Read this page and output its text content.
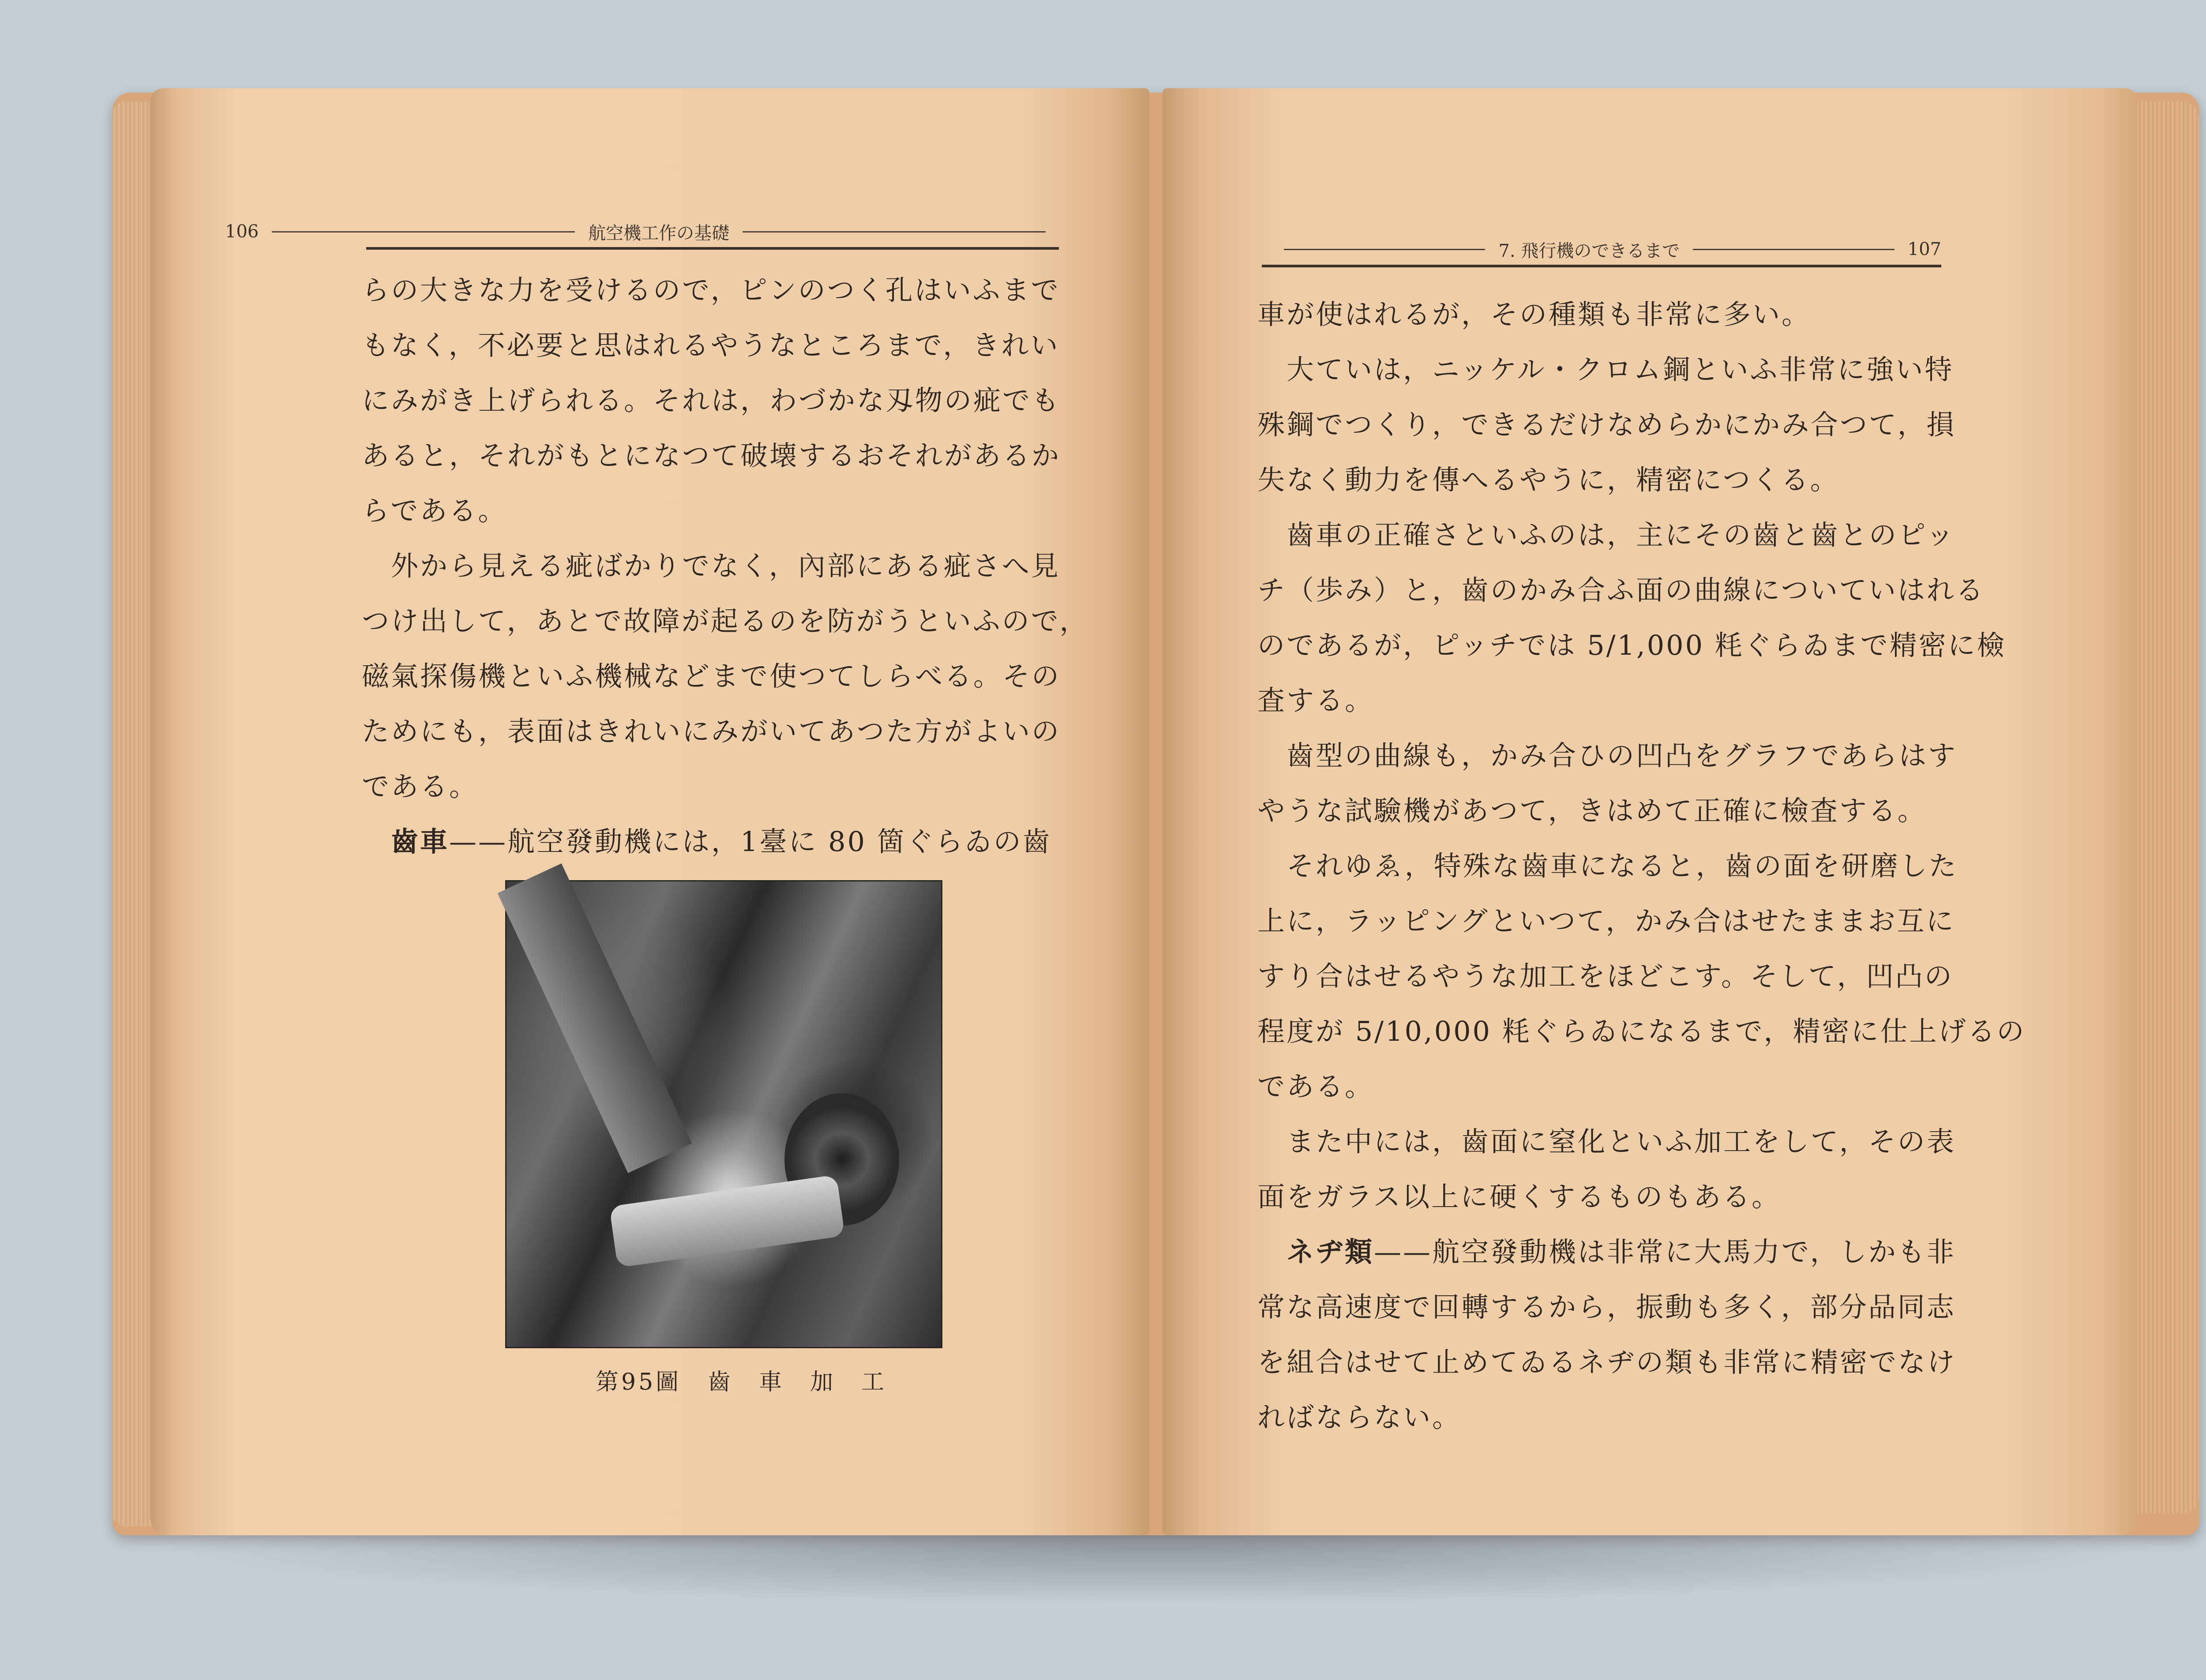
106	航空機工作の基礎
7. 飛行機のできるまで	107

らの大きな力を受けるので，ピンのつく孔はいふまで

もなく，不必要と思はれるやうなところまで，きれい

にみがき上げられる。それは，わづかな刄物の疵でも

あると，それがもとになつて破壊するおそれがあるか

らである。

　外から見える疵ばかりでなく，內部にある疵さへ見

つけ出して，あとで故障が起るのを防がうといふので，

磁氣探傷機といふ機械などまで使つてしらべる。その

ためにも，表面はきれいにみがいてあつた方がよいの

である。

　齒車——航空發動機には，1臺に 80 箇ぐらゐの齒

第95圖 齒　車　加　工

車が使はれるが，その種類も非常に多い。

　大ていは，ニッケル・クロム鋼といふ非常に強い特

殊鋼でつくり，できるだけなめらかにかみ合つて，損

失なく動力を傳へるやうに，精密につくる。

　齒車の正確さといふのは，主にその齒と齒とのピッ

チ（歩み）と，齒のかみ合ふ面の曲線についていはれる

のであるが，ピッチでは 5/1,000 粍ぐらゐまで精密に檢

査する。

　齒型の曲線も，かみ合ひの凹凸をグラフであらはす

やうな試驗機があつて，きはめて正確に檢査する。

　それゆゑ，特殊な齒車になると，齒の面を研磨した

上に，ラッピングといつて，かみ合はせたままお互に

すり合はせるやうな加工をほどこす。そして，凹凸の

程度が 5/10,000 粍ぐらゐになるまで，精密に仕上げるの

である。

　また中には，齒面に窒化といふ加工をして，その表

面をガラス以上に硬くするものもある。

　ネヂ類——航空發動機は非常に大馬力で，しかも非

常な高速度で回轉するから，振動も多く，部分品同志

を組合はせて止めてゐるネヂの類も非常に精密でなけ

ればならない。
